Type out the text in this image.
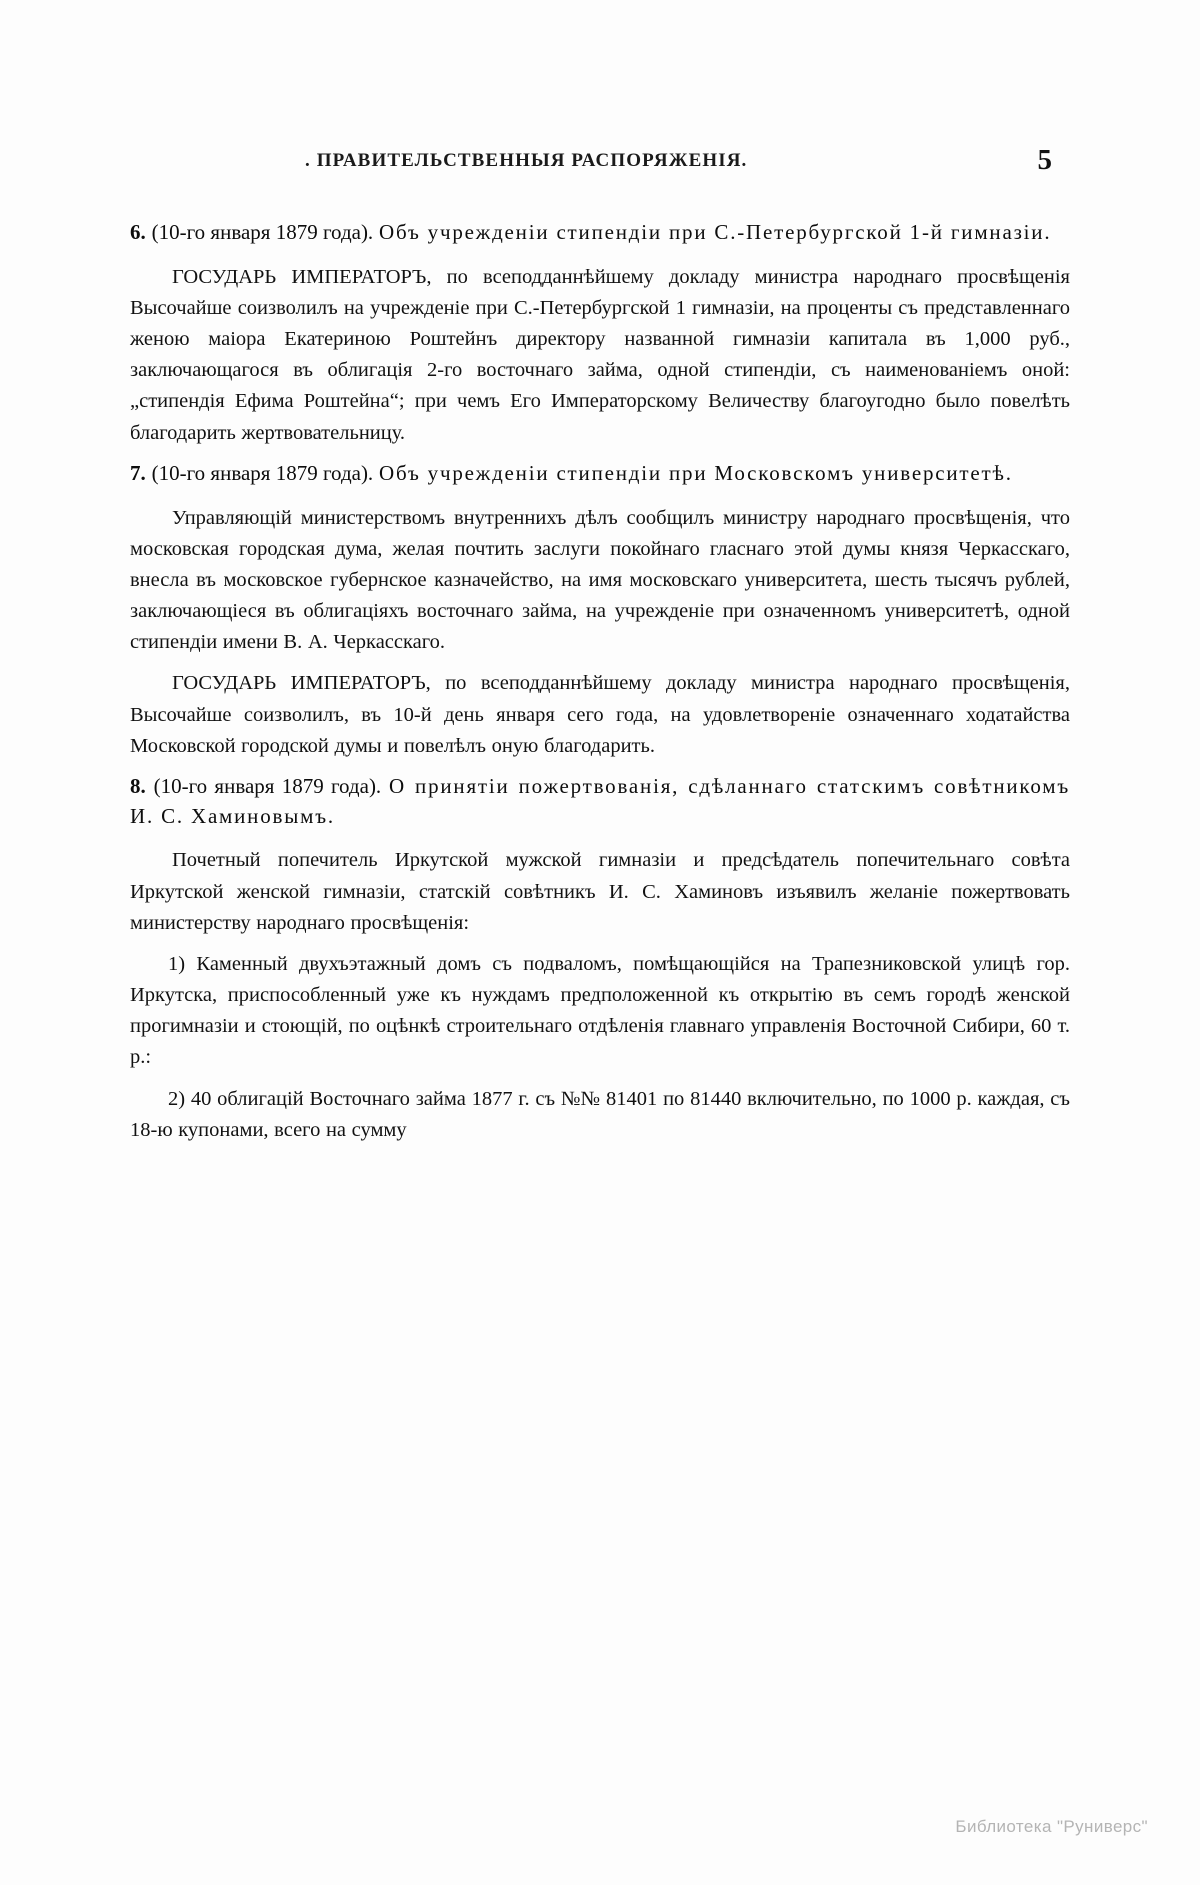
. ПРАВИТЕЛЬСТВЕННЫЯ РАСПОРЯЖЕНІЯ.	5
6. (10-го января 1879 года). Объ учрежденіи стипендіи при С.-Петербургской 1-й гимназіи.

ГОСУДАРЬ ИМПЕРАТОРЪ, по всеподданнѣйшему докладу министра народнаго просвѣщенія Высочайше соизволилъ на учрежденіе при С.-Петербургской 1 гимназіи, на проценты съ представленнаго женою маіора Екатериною Роштейнъ директору названной гимназіи капитала въ 1,000 руб., заключающагося въ облигація 2-го восточнаго займа, одной стипендіи, съ наименованіемъ оной: „стипендія Ефима Роштейна“; при чемъ Его Императорскому Величеству благоугодно было повелѣть благодарить жертвовательницу.

7. (10-го января 1879 года). Объ учрежденіи стипендіи при Московскомъ университетѣ.

Управляющій министерствомъ внутреннихъ дѣлъ сообщилъ министру народнаго просвѣщенія, что московская городская дума, желая почтить заслуги покойнаго гласнаго этой думы князя Черкасскаго, внесла въ московское губернское казначейство, на имя московскаго университета, шесть тысячъ рублей, заключающіеся въ облигаціяхъ восточнаго займа, на учрежденіе при означенномъ университетѣ, одной стипендіи имени В. А. Черкасскаго.

ГОСУДАРЬ ИМПЕРАТОРЪ, по всеподданнѣйшему докладу министра народнаго просвѣщенія, Высочайше соизволилъ, въ 10-й день января сего года, на удовлетвореніе означеннаго ходатайства Московской городской думы и повелѣлъ оную благодарить.

8. (10-го января 1879 года). О принятіи пожертвованія, сдѣланнаго статскимъ совѣтникомъ И. С. Хаминовымъ.

Почетный попечитель Иркутской мужской гимназіи и предсѣдатель попечительнаго совѣта Иркутской женской гимназіи, статскій совѣтникъ И. С. Хаминовъ изъявилъ желаніе пожертвовать министерству народнаго просвѣщенія:

1) Каменный двухъэтажный домъ съ подваломъ, помѣщающійся на Трапезниковской улицѣ гор. Иркутска, приспособленный уже къ нуждамъ предположенной къ открытію въ семъ городѣ женской прогимназіи и стоющій, по оцѣнкѣ строительнаго отдѣленія главнаго управленія Восточной Сибири, 60 т. р.:

2) 40 облигацій Восточнаго займа 1877 г. съ №№ 81401 по 81440 включительно, по 1000 р. каждая, съ 18-ю купонами, всего на сумму

Библиотека "Руниверс"
